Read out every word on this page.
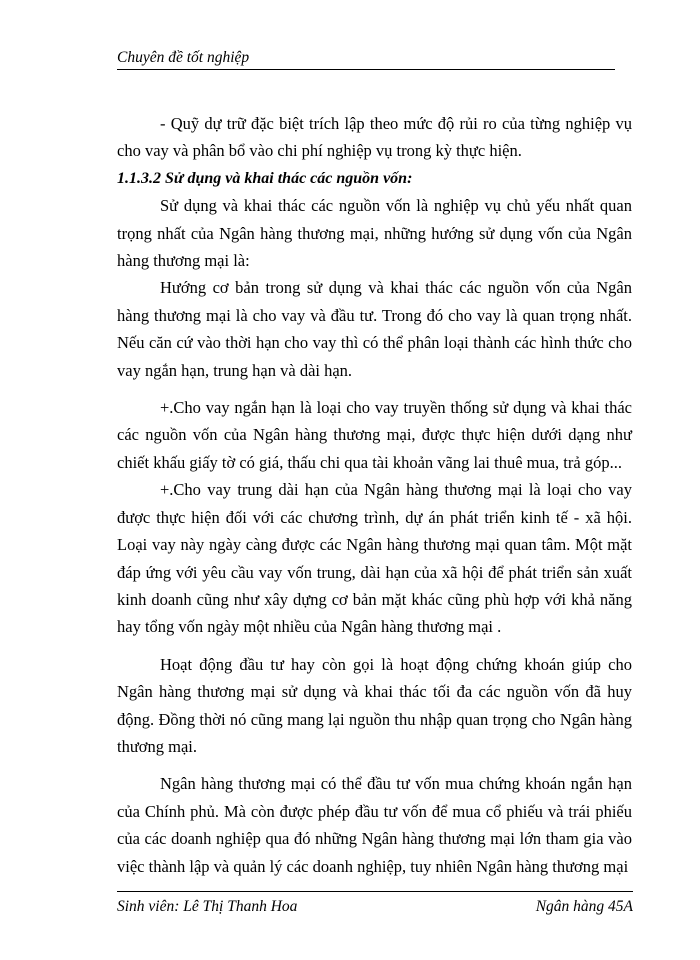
Chuyên đề tốt nghiệp

- Quỹ dự trữ đặc biệt trích lập theo mức độ rủi ro của từng nghiệp vụ cho vay và phân bổ vào chi phí nghiệp vụ trong kỳ thực hiện.

1.1.3.2 Sử dụng và khai thác các nguồn vốn:

Sử dụng và khai thác các nguồn vốn là nghiệp vụ chủ yếu nhất quan trọng nhất của Ngân hàng thương mại, những hướng sử dụng vốn của Ngân hàng thương mại là:

Hướng cơ bản trong sử dụng và khai thác các nguồn vốn của Ngân hàng thương mại là cho vay và đầu tư. Trong đó cho vay là quan trọng nhất. Nếu căn cứ vào thời hạn cho vay thì có thể phân loại thành các hình thức cho vay ngắn hạn, trung hạn và dài hạn.

+.Cho vay ngắn hạn là loại cho vay truyền thống sử dụng và khai thác các nguồn vốn của Ngân hàng thương mại, được thực hiện dưới dạng như chiết khấu giấy tờ có giá, thấu chi qua tài khoản vãng lai thuê mua, trả góp...

+.Cho vay trung dài hạn của Ngân hàng thương mại là loại cho vay được thực hiện đối với các chương trình, dự án phát triển kinh tế - xã hội. Loại vay này ngày càng được các Ngân hàng thương mại quan tâm. Một mặt đáp ứng với yêu cầu vay vốn trung, dài hạn của xã hội để phát triển sản xuất kinh doanh cũng như xây dựng cơ bản mặt khác cũng phù hợp với khả năng hay tổng vốn ngày một nhiều của Ngân hàng thương mại .

Hoạt động đầu tư hay còn gọi là hoạt động chứng khoán giúp cho Ngân hàng thương mại sử dụng và khai thác tối đa các nguồn vốn đã huy động. Đồng thời nó cũng mang lại nguồn thu nhập quan trọng cho Ngân hàng thương mại.

Ngân hàng thương mại có thể đầu tư vốn mua chứng khoán ngắn hạn của Chính phủ. Mà còn được phép đầu tư vốn để mua cổ phiếu và trái phiếu của các doanh nghiệp qua đó những Ngân hàng thương mại lớn tham gia vào việc thành lập và quản lý các doanh nghiệp, tuy nhiên Ngân hàng thương mại

Sinh viên: Lê Thị Thanh Hoa	Ngân hàng 45A
